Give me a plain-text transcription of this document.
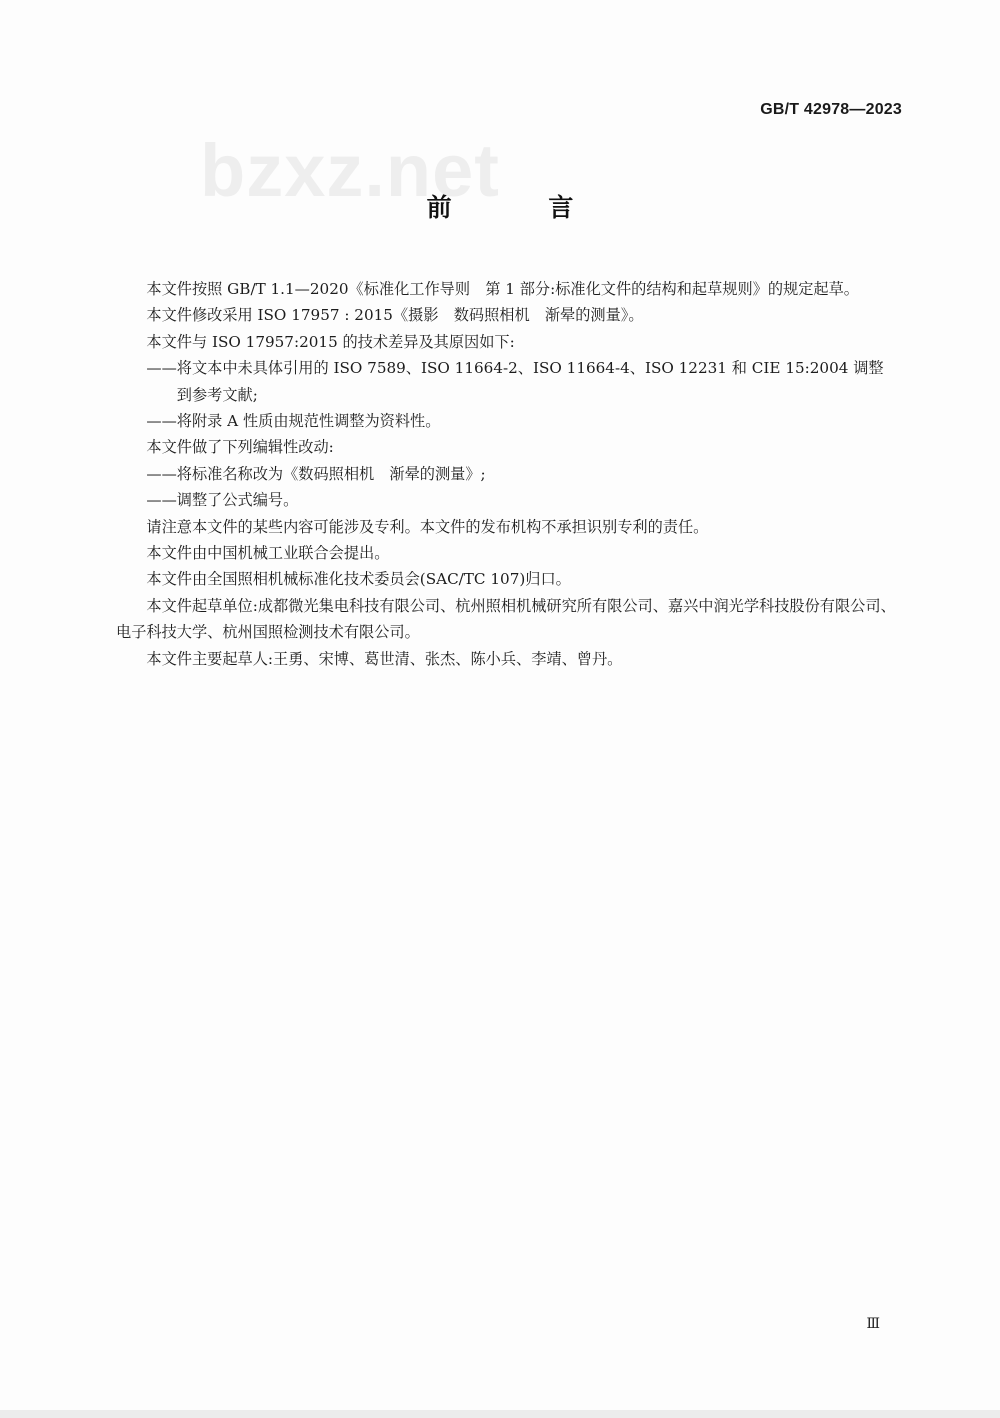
GB/T 42978—2023
bzxz.net
前 言

本文件按照 GB/T 1.1—2020《标准化工作导则　第 1 部分:标准化文件的结构和起草规则》的规定起草。

本文件修改采用 ISO 17957 : 2015《摄影　数码照相机　渐晕的测量》。

本文件与 ISO 17957:2015 的技术差异及其原因如下:

——将文本中未具体引用的 ISO 7589、ISO 11664-2、ISO 11664-4、ISO 12231 和 CIE 15:2004 调整

到参考文献;

——将附录 A 性质由规范性调整为资料性。

本文件做了下列编辑性改动:

——将标准名称改为《数码照相机　渐晕的测量》;

——调整了公式编号。

请注意本文件的某些内容可能涉及专利。本文件的发布机构不承担识别专利的责任。

本文件由中国机械工业联合会提出。

本文件由全国照相机械标准化技术委员会(SAC/TC 107)归口。

本文件起草单位:成都微光集电科技有限公司、杭州照相机械研究所有限公司、嘉兴中润光学科技股份有限公司、电子科技大学、杭州国照检测技术有限公司。

本文件主要起草人:王勇、宋博、葛世清、张杰、陈小兵、李靖、曾丹。

Ⅲ
